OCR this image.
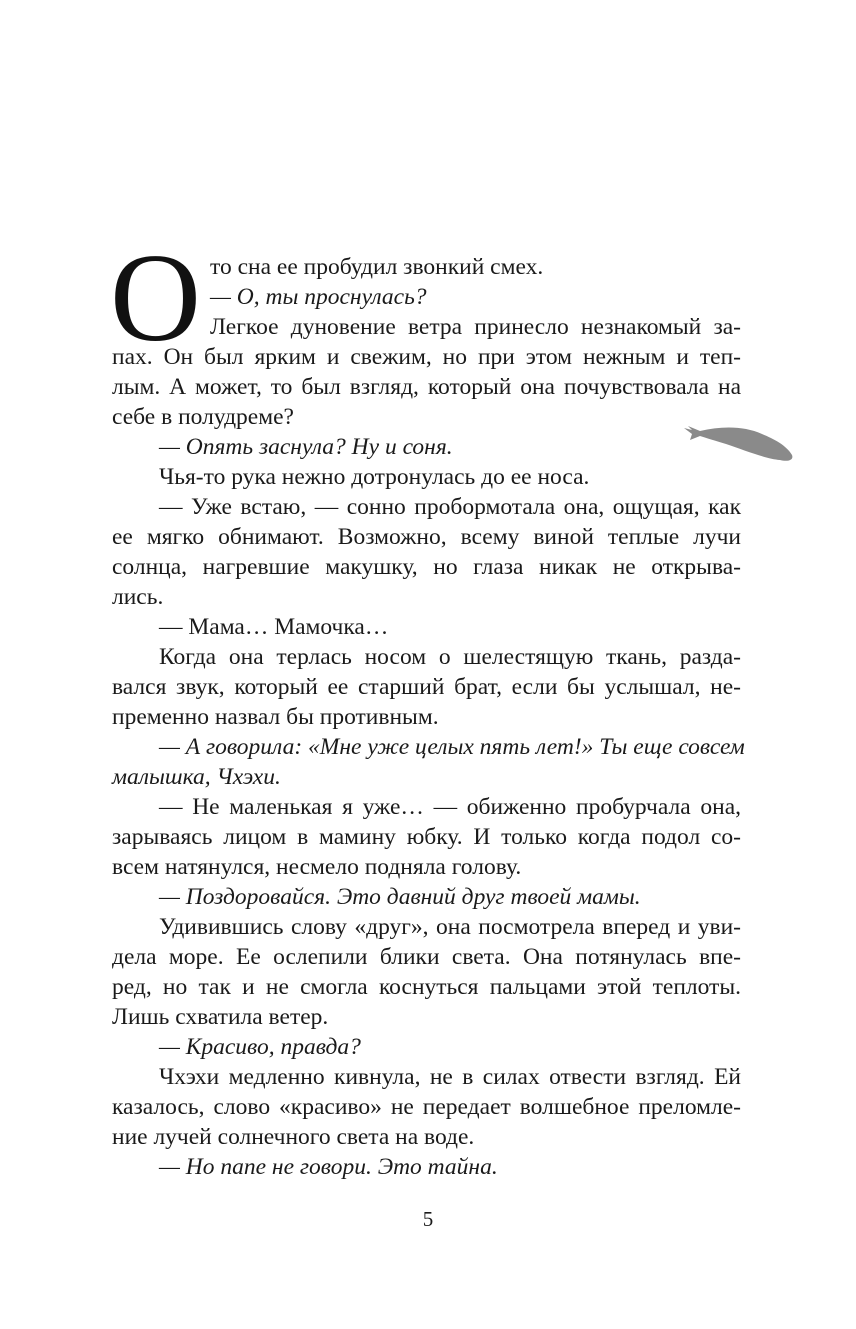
О то сна ее пробудил звонкий смех.
— О, ты проснулась?
Легкое дуновение ветра принесло незнакомый за-
пах. Он был ярким и свежим, но при этом нежным и теп-
лым. А может, то был взгляд, который она почувствовала на
себе в полудреме?
— Опять заснула? Ну и соня.
Чья-то рука нежно дотронулась до ее носа.
— Уже встаю, — сонно пробормотала она, ощущая, как
ее мягко обнимают. Возможно, всему виной теплые лучи
солнца, нагревшие макушку, но глаза никак не открыва-
лись.
— Мама… Мамочка…
Когда она терлась носом о шелестящую ткань, разда-
вался звук, который ее старший брат, если бы услышал, не-
пременно назвал бы противным.
— А говорила: «Мне уже целых пять лет!» Ты еще совсем
малышка, Чхэхи.
— Не маленькая я уже… — обиженно пробурчала она,
зарываясь лицом в мамину юбку. И только когда подол со-
всем натянулся, несмело подняла голову.
— Поздоровайся. Это давний друг твоей мамы.
Удивившись слову «друг», она посмотрела вперед и уви-
дела море. Ее ослепили блики света. Она потянулась впе-
ред, но так и не смогла коснуться пальцами этой теплоты.
Лишь схватила ветер.
— Красиво, правда?
Чхэхи медленно кивнула, не в силах отвести взгляд. Ей
казалось, слово «красиво» не передает волшебное преломле-
ние лучей солнечного света на воде.
— Но папе не говори. Это тайна.
5
